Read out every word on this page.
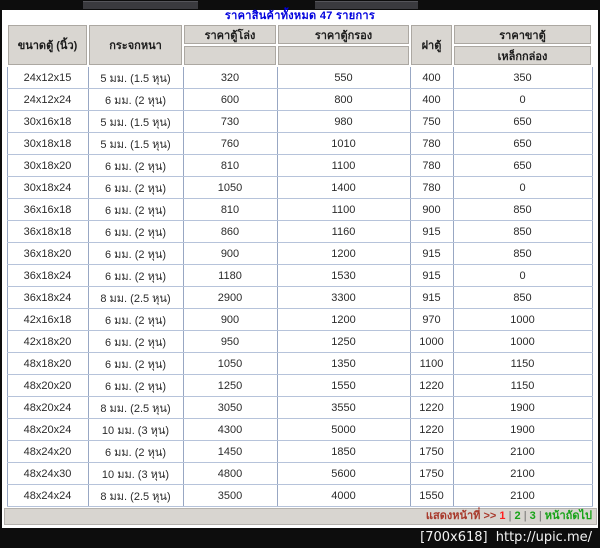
ราคาสินค้าทั้งหมด 47 รายการ
ขนาดตู้ (นิ้ว)	กระจกหนา	ราคาตู้โล่ง	ราคาตู้กรอง	ฝาตู้	ราคาขาตู้
					เหล็กกล่อง
24x12x15	5 มม. (1.5 หุน)	320	550	400	350
24x12x24	6 มม. (2 หุน)	600	800	400	0
30x16x18	5 มม. (1.5 หุน)	730	980	750	650
30x18x18	5 มม. (1.5 หุน)	760	1010	780	650
30x18x20	6 มม. (2 หุน)	810	1100	780	650
30x18x24	6 มม. (2 หุน)	1050	1400	780	0
36x16x18	6 มม. (2 หุน)	810	1100	900	850
36x18x18	6 มม. (2 หุน)	860	1160	915	850
36x18x20	6 มม. (2 หุน)	900	1200	915	850
36x18x24	6 มม. (2 หุน)	1180	1530	915	0
36x18x24	8 มม. (2.5 หุน)	2900	3300	915	850
42x16x18	6 มม. (2 หุน)	900	1200	970	1000
42x18x20	6 มม. (2 หุน)	950	1250	1000	1000
48x18x20	6 มม. (2 หุน)	1050	1350	1100	1150
48x20x20	6 มม. (2 หุน)	1250	1550	1220	1150
48x20x24	8 มม. (2.5 หุน)	3050	3550	1220	1900
48x20x24	10 มม. (3 หุน)	4300	5000	1220	1900
48x24x20	6 มม. (2 หุน)	1450	1850	1750	2100
48x24x30	10 มม. (3 หุน)	4800	5600	1750	2100
48x24x24	8 มม. (2.5 หุน)	3500	4000	1550	2100
แสดงหน้าที่ >> 1 | 2 | 3 | หน้าถัดไป
[700x618] http://upic.me/
